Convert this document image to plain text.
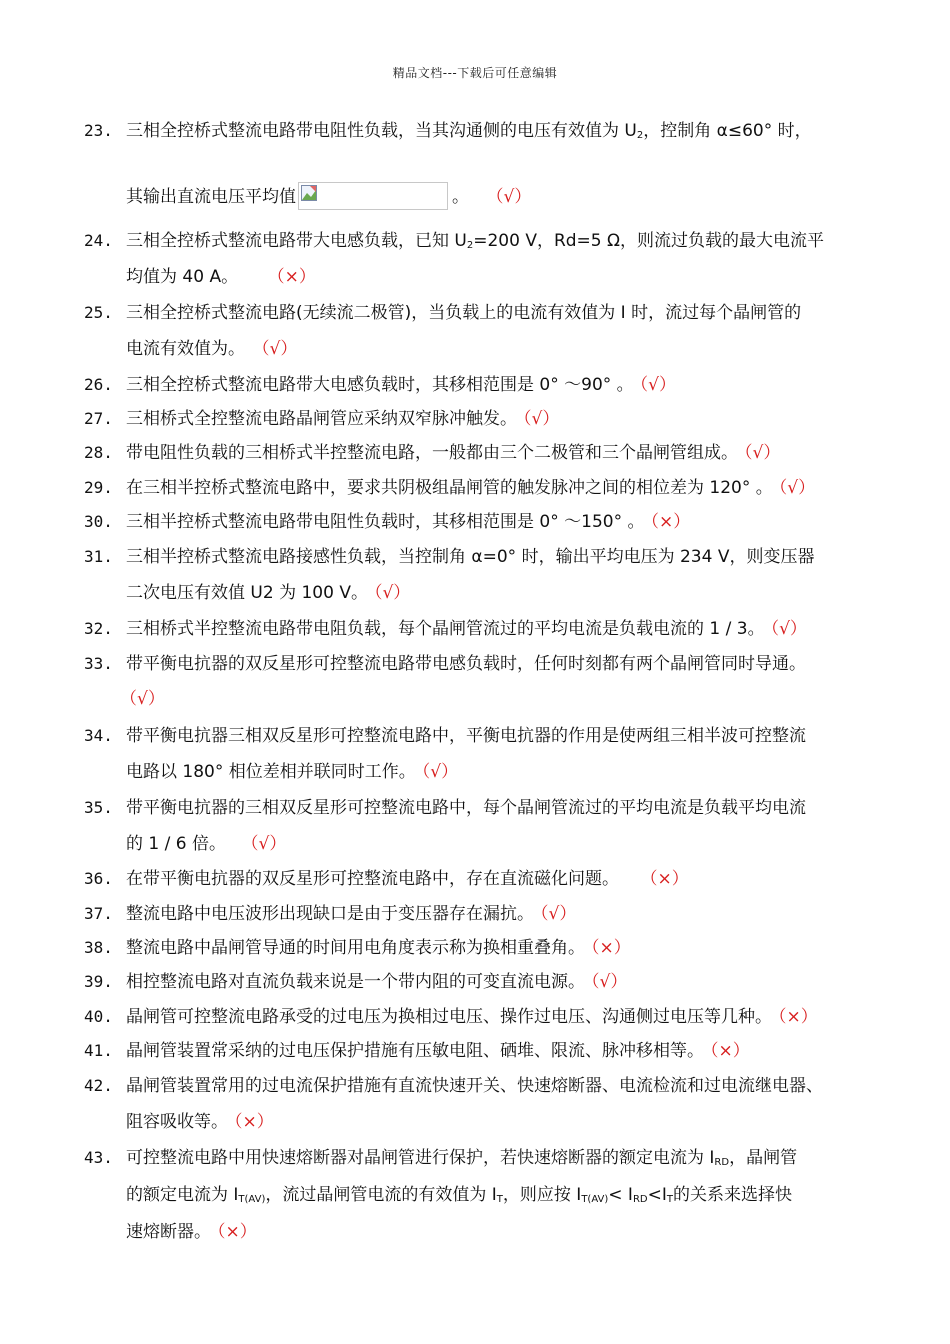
精品文档---下载后可任意编辑
23. 三相全控桥式整流电路带电阻性负载，当其沟通侧的电压有效值为 $U_2$，控制角 α≤60° 时，
其输出直流电压平均值	。 （√）
24. 三相全控桥式整流电路带大电感负载，已知 $U_2=200$ V，Rd=5 Ω，则流过负载的最大电流平
均值为 40 A。 （×）
25. 三相全控桥式整流电路(无续流二极管)，当负载上的电流有效值为 I 时，流过每个晶闸管的
电流有效值为。 （√）
26. 三相全控桥式整流电路带大电感负载时，其移相范围是 0° ～90° 。 （√）
27. 三相桥式全控整流电路晶闸管应采纳双窄脉冲触发。 （√）
28. 带电阻性负载的三相桥式半控整流电路，一般都由三个二极管和三个晶闸管组成。 （√）
29. 在三相半控桥式整流电路中，要求共阴极组晶闸管的触发脉冲之间的相位差为 120° 。 （√）
30. 三相半控桥式整流电路带电阻性负载时，其移相范围是 0° ～150° 。 （×）
31. 三相半控桥式整流电路接感性负载，当控制角 α=0° 时，输出平均电压为 234 V，则变压器
二次电压有效值 U2 为 100 V。 （√）
32. 三相桥式半控整流电路带电阻负载，每个晶闸管流过的平均电流是负载电流的 1 / 3。 （√）
33. 带平衡电抗器的双反星形可控整流电路带电感负载时，任何时刻都有两个晶闸管同时导通。
（√）
34. 带平衡电抗器三相双反星形可控整流电路中，平衡电抗器的作用是使两组三相半波可控整流
电路以 180° 相位差相并联同时工作。 （√）
35. 带平衡电抗器的三相双反星形可控整流电路中，每个晶闸管流过的平均电流是负载平均电流
的 1 / 6 倍。 （√）
36. 在带平衡电抗器的双反星形可控整流电路中，存在直流磁化问题。 （×）
37. 整流电路中电压波形出现缺口是由于变压器存在漏抗。 （√）
38. 整流电路中晶闸管导通的时间用电角度表示称为换相重叠角。 （×）
39. 相控整流电路对直流负载来说是一个带内阻的可变直流电源。 （√）
40. 晶闸管可控整流电路承受的过电压为换相过电压、操作过电压、沟通侧过电压等几种。 （×）
41. 晶闸管装置常采纳的过电压保护措施有压敏电阻、硒堆、限流、脉冲移相等。 （×）
42. 晶闸管装置常用的过电流保护措施有直流快速开关、快速熔断器、电流检流和过电流继电器、
阻容吸收等。 （×）
43. 可控整流电路中用快速熔断器对晶闸管进行保护，若快速熔断器的额定电流为 $I_{RD}$，晶闸管
的额定电流为 $I_{T(AV)}$，流过晶闸管电流的有效值为 $I_T$，则应按 $I_{T(AV)}< I_{RD}<I_T$的关系来选择快
速熔断器。 （×）
